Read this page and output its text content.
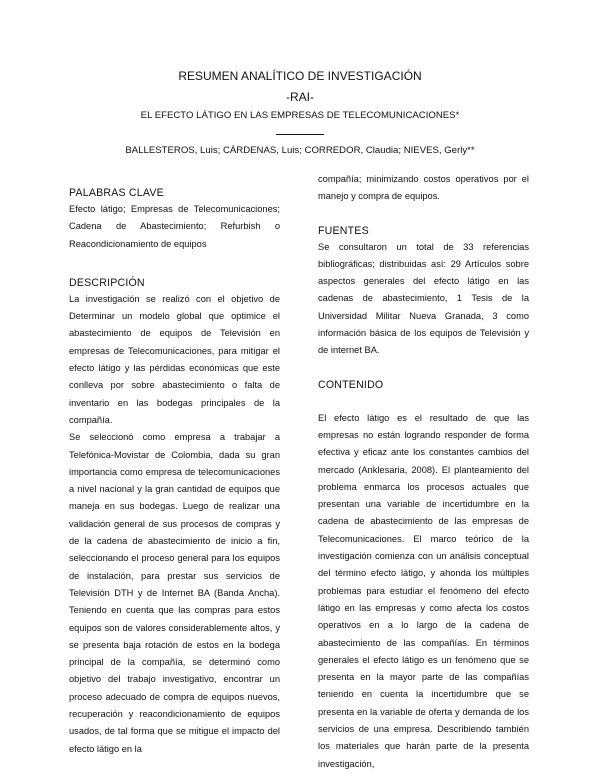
RESUMEN ANALÍTICO DE INVESTIGACIÓN
-RAI-
EL EFECTO LÁTIGO EN LAS EMPRESAS DE TELECOMUNICACIONES*
BALLESTEROS, Luis; CÁRDENAS, Luis; CORREDOR, Claudia; NIEVES, Gerly**
PALABRAS CLAVE

Efecto látigo; Empresas de Telecomunicaciones; Cadena de Abastecimiento; Refurbish o Reacondicionamiento de equipos

DESCRIPCIÓN

La investigación se realizó con el objetivo de Determinar un modelo global que optimice el abastecimiento de equipos de Televisión en empresas de Telecomunicaciones, para mitigar el efecto látigo y las pérdidas económicas que este conlleva por sobre abastecimiento o falta de inventario en las bodegas principales de la compañía.

Se seleccionó como empresa a trabajar a Telefónica-Movistar de Colombia, dada su gran importancia como empresa de telecomunicaciones a nivel nacional y la gran cantidad de equipos que maneja en sus bodegas. Luego de realizar una validación general de sus procesos de compras y de la cadena de abastecimiento de inicio a fin, seleccionando el proceso general para los equipos de instalación, para prestar sus servicios de Televisión DTH y de Internet BA (Banda Ancha). Teniendo en cuenta que las compras para estos equipos son de valores considerablemente altos, y se presenta baja rotación de estos en la bodega principal de la compañía, se determinó como objetivo del trabajo investigativo, encontrar un proceso adecuado de compra de equipos nuevos, recuperación y reacondicionamiento de equipos usados, de tal forma que se mitigue el impacto del efecto látigo en la

compañía; minimizando costos operativos por el manejo y compra de equipos.

FUENTES

Se consultaron un total de 33 referencias bibliográficas; distribuidas así: 29 Artículos sobre aspectos generales del efecto látigo en las cadenas de abastecimiento, 1 Tesis de la Universidad Militar Nueva Granada, 3 como información básica de los equipos de Televisión y de internet BA.

CONTENIDO

El efecto látigo es el resultado de que las empresas no están logrando responder de forma efectiva y eficaz ante los constantes cambios del mercado (Anklesaria, 2008). El planteamiento del problema enmarca los procesos actuales que presentan una variable de incertidumbre en la cadena de abastecimiento de las empresas de Telecomunicaciones. El marco teórico de la investigación comienza con un análisis conceptual del término efecto látigo, y ahonda los múltiples problemas para estudiar el fenómeno del efecto látigo en las empresas y como afecta los costos operativos en a lo largo de la cadena de abastecimiento de las compañías. En términos generales el efecto látigo es un fenómeno que se presenta en la mayor parte de las compañías teniendo en cuenta la incertidumbre que se presenta en la variable de oferta y demanda de los servicios de una empresa. Describiendo también los materiales que harán parte de la presenta investigación,
